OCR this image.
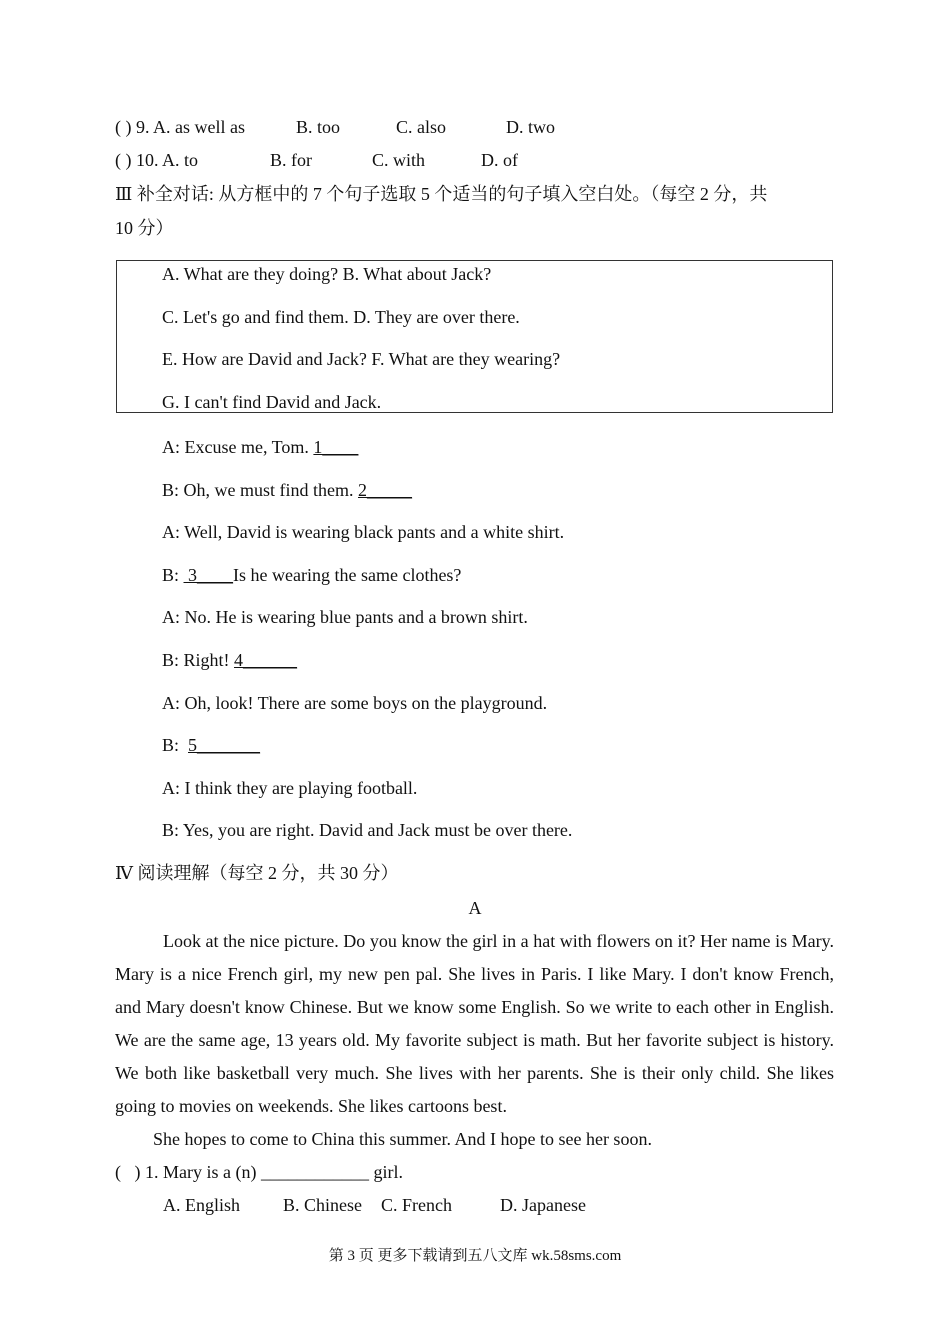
( ) 9. A. as well as	B. too	C. also	D. two
( ) 10. A. to	B. for	C. with	D. of
Ⅲ 补全对话: 从方框中的 7 个句子选取 5 个适当的句子填入空白处。（每空 2 分，共
10 分）
A. What are they doing? B. What about Jack?
C. Let's go and find them. D. They are over there.
E. How are David and Jack? F. What are they wearing?
G. I can't find David and Jack.
A: Excuse me, Tom. 1____
B: Oh, we must find them. 2_____
A: Well, David is wearing black pants and a white shirt.
B:  3____Is he wearing the same clothes?
A: No. He is wearing blue pants and a brown shirt.
B: Right! 4______
A: Oh, look! There are some boys on the playground.
B:  5_______
A: I think they are playing football.
B: Yes, you are right. David and Jack must be over there.
Ⅳ 阅读理解（每空 2 分，共 30 分）
A
Look at the nice picture. Do you know the girl in a hat with flowers on it? Her name is Mary. Mary is a nice French girl, my new pen pal. She lives in Paris. I like Mary. I don't know French, and Mary doesn't know Chinese. But we know some English. So we write to each other in English. We are the same age, 13 years old. My favorite subject is math. But her favorite subject is history. We both like basketball very much. She lives with her parents. She is their only child. She likes going to movies on weekends. She likes cartoons best.
She hopes to come to China this summer. And I hope to see her soon.
(   ) 1. Mary is a (n) ____________ girl.
A. English B. Chinese C. French	D. Japanese
第 3 页 更多下载请到五八文库 wk.58sms.com
